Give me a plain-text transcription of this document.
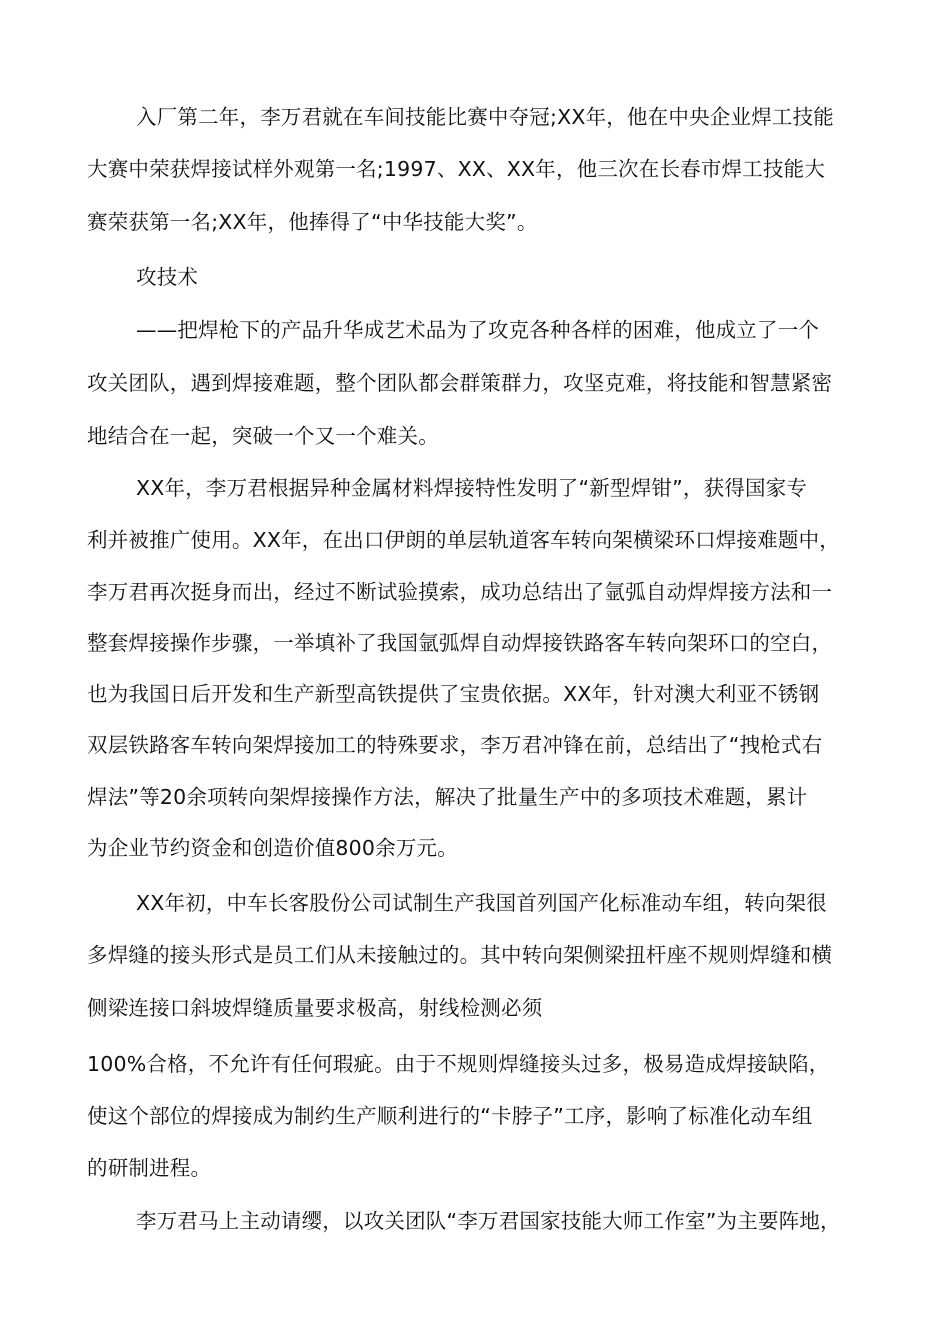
入厂第二年，李万君就在车间技能比赛中夺冠;XX年，他在中央企业焊工技能
大赛中荣获焊接试样外观第一名;1997、XX、XX年，他三次在长春市焊工技能大
赛荣获第一名;XX年，他捧得了“中华技能大奖”。
攻技术
——把焊枪下的产品升华成艺术品为了攻克各种各样的困难，他成立了一个
攻关团队，遇到焊接难题，整个团队都会群策群力，攻坚克难，将技能和智慧紧密
地结合在一起，突破一个又一个难关。
XX年，李万君根据异种金属材料焊接特性发明了“新型焊钳”，获得国家专
利并被推广使用。XX年，在出口伊朗的单层轨道客车转向架横梁环口焊接难题中，
李万君再次挺身而出，经过不断试验摸索，成功总结出了氩弧自动焊焊接方法和一
整套焊接操作步骤，一举填补了我国氩弧焊自动焊接铁路客车转向架环口的空白，
也为我国日后开发和生产新型高铁提供了宝贵依据。XX年，针对澳大利亚不锈钢
双层铁路客车转向架焊接加工的特殊要求，李万君冲锋在前，总结出了“拽枪式右
焊法”等20余项转向架焊接操作方法，解决了批量生产中的多项技术难题，累计
为企业节约资金和创造价值800余万元。
XX年初，中车长客股份公司试制生产我国首列国产化标准动车组，转向架很
多焊缝的接头形式是员工们从未接触过的。其中转向架侧梁扭杆座不规则焊缝和横
侧梁连接口斜坡焊缝质量要求极高，射线检测必须
100%合格，不允许有任何瑕疵。由于不规则焊缝接头过多，极易造成焊接缺陷，
使这个部位的焊接成为制约生产顺利进行的“卡脖子”工序，影响了标准化动车组
的研制进程。
李万君马上主动请缨，以攻关团队“李万君国家技能大师工作室”为主要阵地，
